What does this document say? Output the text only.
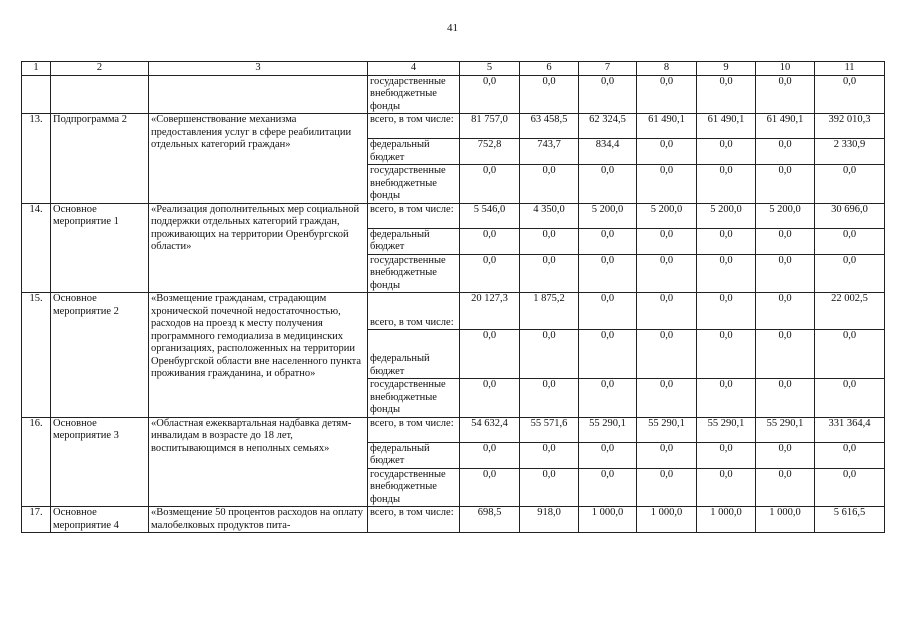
41
1	2	3	4	5	6	7	8	9	10	11
			государственные внебюджетные фонды	0,0	0,0	0,0	0,0	0,0	0,0	0,0
13.	Подпрограмма 2	«Совершенствование механизма предоставления услуг в сфере реабилитации отдельных категорий граждан»	всего, в том числе:	81 757,0	63 458,5	62 324,5	61 490,1	61 490,1	61 490,1	392 010,3
			федеральный бюджет	752,8	743,7	834,4	0,0	0,0	0,0	2 330,9
			государственные внебюджетные фонды	0,0	0,0	0,0	0,0	0,0	0,0	0,0
14.	Основное мероприятие 1	«Реализация дополнительных мер социальной поддержки отдельных категорий граждан, проживающих на территории Оренбургской области»	всего, в том числе:	5 546,0	4 350,0	5 200,0	5 200,0	5 200,0	5 200,0	30 696,0
			федеральный бюджет	0,0	0,0	0,0	0,0	0,0	0,0	0,0
			государственные внебюджетные фонды	0,0	0,0	0,0	0,0	0,0	0,0	0,0
15.	Основное мероприятие 2	«Возмещение гражданам, страдающим хронической почечной недостаточностью, расходов на проезд к месту получения программного гемодиализа в медицинских организациях, расположенных на территории Оренбургской области вне населенного пункта проживания гражданина, и обратно»	всего, в том числе:	20 127,3	1 875,2	0,0	0,0	0,0	0,0	22 002,5
			федеральный бюджет	0,0	0,0	0,0	0,0	0,0	0,0	0,0
			государственные внебюджетные фонды	0,0	0,0	0,0	0,0	0,0	0,0	0,0
16.	Основное мероприятие 3	«Областная ежеквартальная надбавка детям-инвалидам в возрасте до 18 лет, воспитывающимся в неполных семьях»	всего, в том числе:	54 632,4	55 571,6	55 290,1	55 290,1	55 290,1	55 290,1	331 364,4
			федеральный бюджет	0,0	0,0	0,0	0,0	0,0	0,0	0,0
			государственные внебюджетные фонды	0,0	0,0	0,0	0,0	0,0	0,0	0,0
17.	Основное мероприятие 4	«Возмещение 50 процентов расходов на оплату малобелковых продуктов пита-	всего, в том числе:	698,5	918,0	1 000,0	1 000,0	1 000,0	1 000,0	5 616,5
